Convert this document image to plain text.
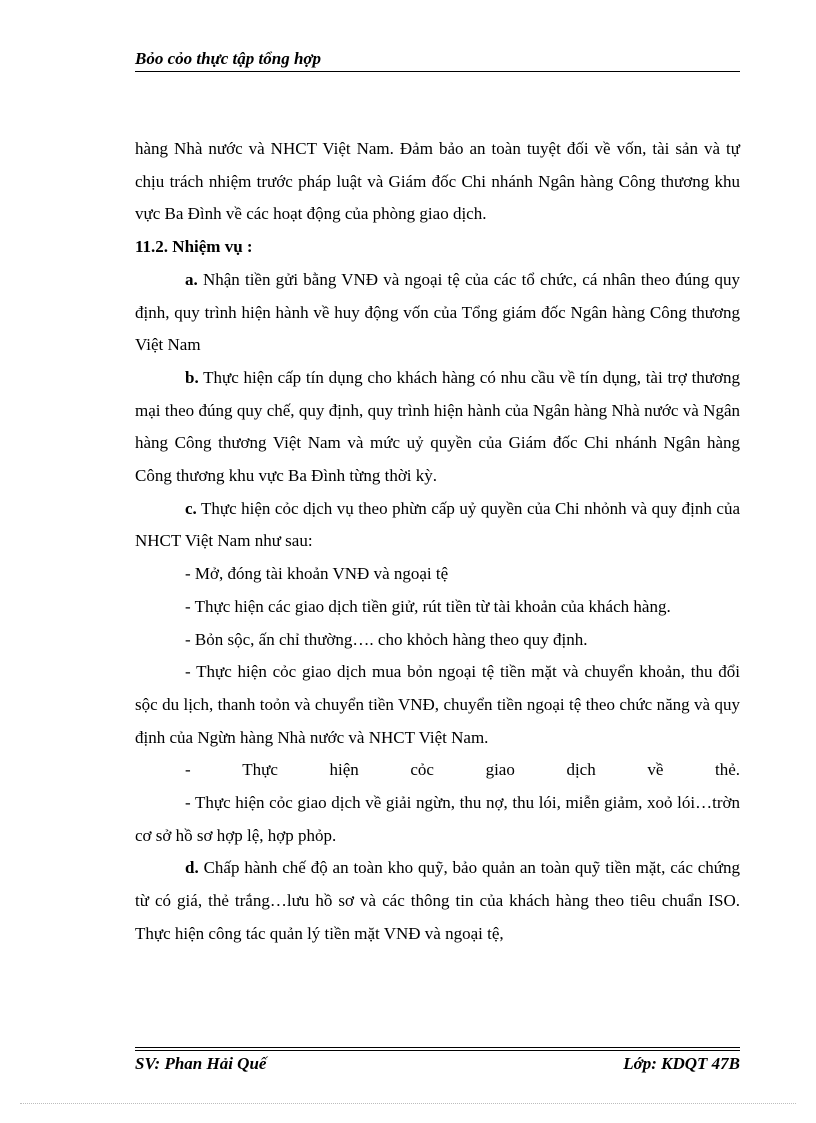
Bỏo cỏo thực tập tổng hợp

hàng Nhà nước và NHCT Việt Nam. Đảm bảo an toàn tuyệt đối về vốn, tài sản và tự chịu trách nhiệm trước pháp luật và Giám đốc Chi nhánh Ngân hàng Công thương khu vực Ba Đình về các hoạt động của phòng giao dịch.

11.2. Nhiệm vụ :

a. Nhận tiền gửi bằng VNĐ và ngoại tệ của các tổ chức, cá nhân theo đúng quy định, quy trình hiện hành về huy động vốn của Tổng giám đốc Ngân hàng Công thương Việt Nam

b. Thực hiện cấp tín dụng cho khách hàng có nhu cầu về tín dụng, tài trợ thương mại theo đúng quy chế, quy định, quy trình hiện hành của Ngân hàng Nhà nước và Ngân hàng Công thương Việt Nam và mức uỷ quyền của Giám đốc Chi nhánh Ngân hàng Công thương khu vực Ba Đình từng thời kỳ.

c. Thực hiện cỏc dịch vụ theo phừn cấp uỷ quyền của Chi nhỏnh và quy định của NHCT Việt Nam như sau:

- Mở, đóng tài khoản VNĐ và ngoại tệ

- Thực hiện các giao dịch tiền giử, rút tiền từ tài khoản của khách hàng.

- Bỏn sộc, ấn chỉ thường…. cho khỏch hàng theo quy định.

- Thực hiện cỏc giao dịch mua bỏn ngoại tệ tiền mặt và chuyển khoản, thu đổi sộc du lịch, thanh toỏn và chuyển tiền VNĐ, chuyển tiền ngoại tệ theo chức năng và quy định của Ngừn hàng Nhà nước và NHCT Việt Nam.

-	Thực	hiện	cỏc	giao	dịch	về	thẻ.

- Thực hiện cỏc giao dịch về giải ngừn, thu nợ, thu lói, miễn giảm, xoỏ lói…trờn cơ sở hồ sơ hợp lệ, hợp phỏp.

d. Chấp hành chế độ an toàn kho quỹ, bảo quản an toàn quỹ tiền mặt, các chứng từ có giá, thẻ trắng…lưu hồ sơ và các thông tin của khách hàng theo tiêu chuẩn ISO. Thực hiện công tác quản lý tiền mặt VNĐ và ngoại tệ,

SV: Phan Hải Quế	Lớp: KDQT 47B
